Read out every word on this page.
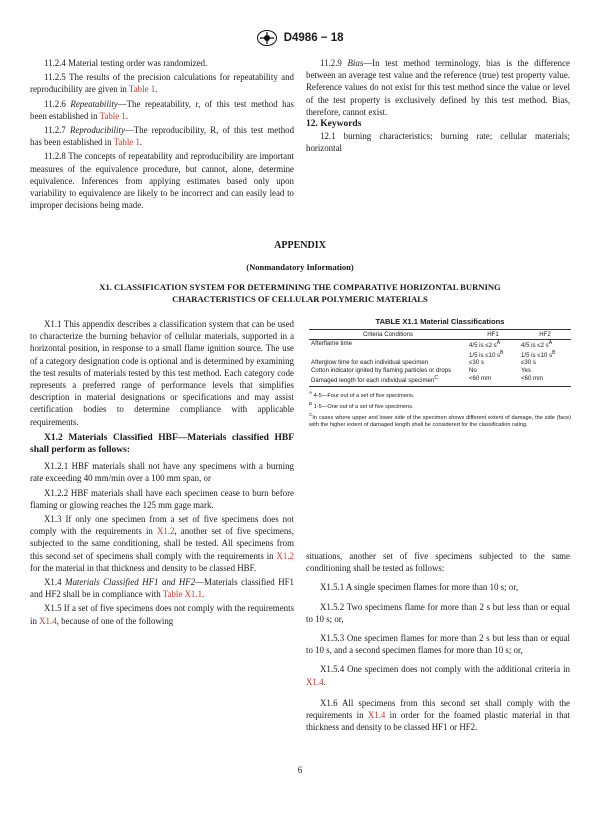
D4986 − 18

11.2.4 Material testing order was randomized.

11.2.5 The results of the precision calculations for repeatability and reproducibility are given in Table 1.

11.2.6 Repeatability—The repeatability, r, of this test method has been established in Table 1.

11.2.7 Reproducibility—The reproducibility, R, of this test method has been established in Table 1.

11.2.8 The concepts of repeatability and reproducibility are important measures of the equivalence procedure, but cannot, alone, determine equivalence. Inferences from applying estimates based only upon variability to equivalence are likely to be incorrect and can easily lead to improper decisions being made.

11.2.9 Bias—In test method terminology, bias is the difference between an average test value and the reference (true) test property value. Reference values do not exist for this test method since the value or level of the test property is exclusively defined by this test method. Bias, therefore, cannot exist.

12. Keywords

12.1 burning characteristics; burning rate; cellular materials; horizontal

APPENDIX
(Nonmandatory Information)
X1. CLASSIFICATION SYSTEM FOR DETERMINING THE COMPARATIVE HORIZONTAL BURNING CHARACTERISTICS OF CELLULAR POLYMERIC MATERIALS

X1.1 This appendix describes a classification system that can be used to characterize the burning behavior of cellular materials, supported in a horizontal position, in response to a small flame ignition source. The use of a category designation code is optional and is determined by examining the test results of materials tested by this test method. Each category code represents a preferred range of performance levels that simplifies description in material designations or specifications and may assist certification bodies to determine compliance with applicable requirements.

X1.2 Materials Classified HBF—Materials classified HBF shall perform as follows:

X1.2.1 HBF materials shall not have any specimens with a burning rate exceeding 40 mm/min over a 100 mm span, or

X1.2.2 HBF materials shall have each specimen cease to burn before flaming or glowing reaches the 125 mm gage mark.

X1.3 If only one specimen from a set of five specimens does not comply with the requirements in X1.2, another set of five specimens, subjected to the same conditioning, shall be tested. All specimens from this second set of specimens shall comply with the requirements in X1.2 for the material in that thickness and density to be classed HBF.

X1.4 Materials Classified HF1 and HF2—Materials classified HF1 and HF2 shall be in compliance with Table X1.1.

X1.5 If a set of five specimens does not comply with the requirements in X1.4, because of one of the following

TABLE X1.1 Material Classifications
Criteria Conditions	HF1	HF2
Afterflame time	4/5 is ≤2 $s^A$	4/5 is ≤2 $s^A$
	1/5 is ≤10 $s^B$	1/5 is ≤10 $s^B$
Afterglow time for each individual specimen	≤30 s	≤30 s
Cotton indicator ignited by flaming particles or drops	No	Yes
Damaged length for each individual specimen$^C$	<60 mm	<60 mm
$^A$ 4-5—Four out of a set of five specimens.
$^B$ 1-5—One out of a set of five specimens.
$^C$In cases where upper and lower side of the specimen shows different extent of damage, the side (face) with the higher extent of damaged length shall be considered for the classification rating.

situations, another set of five specimens subjected to the same conditioning shall be tested as follows:

X1.5.1 A single specimen flames for more than 10 s; or,

X1.5.2 Two specimens flame for more than 2 s but less than or equal to 10 s; or,

X1.5.3 One specimen flames for more than 2 s but less than or equal to 10 s, and a second specimen flames for more than 10 s; or,

X1.5.4 One specimen does not comply with the additional criteria in X1.4.

X1.6 All specimens from this second set shall comply with the requirements in X1.4 in order for the foamed plastic material in that thickness and density to be classed HF1 or HF2.

6
